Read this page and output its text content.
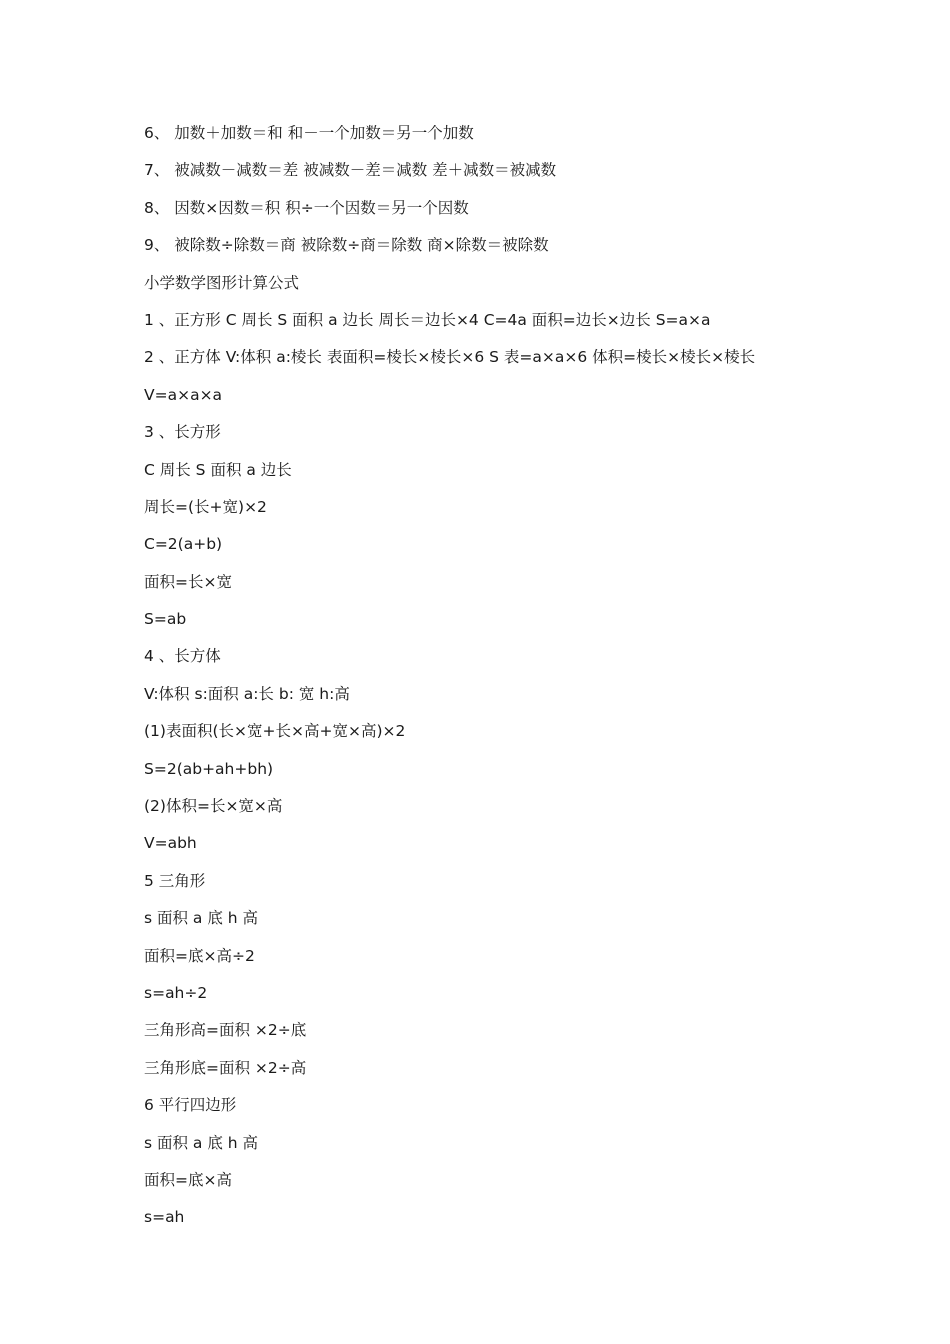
6、 加数＋加数＝和 和－一个加数＝另一个加数
7、 被减数－减数＝差 被减数－差＝减数 差＋减数＝被减数
8、 因数×因数＝积 积÷一个因数＝另一个因数
9、 被除数÷除数＝商 被除数÷商＝除数 商×除数＝被除数
小学数学图形计算公式
1 、正方形 C 周长 S 面积 a 边长 周长＝边长×4 C=4a 面积=边长×边长 S=a×a
2 、正方体 V:体积 a:棱长 表面积=棱长×棱长×6 S 表=a×a×6 体积=棱长×棱长×棱长
V=a×a×a
3 、长方形
C 周长 S 面积 a 边长
周长=(长+宽)×2
C=2(a+b)
面积=长×宽
S=ab
4 、长方体
V:体积 s:面积 a:长 b: 宽 h:高
(1)表面积(长×宽+长×高+宽×高)×2
S=2(ab+ah+bh)
(2)体积=长×宽×高
V=abh
5 三角形
s 面积 a 底 h 高
面积=底×高÷2
s=ah÷2
三角形高=面积 ×2÷底
三角形底=面积 ×2÷高
6 平行四边形
s 面积 a 底 h 高
面积=底×高
s=ah
